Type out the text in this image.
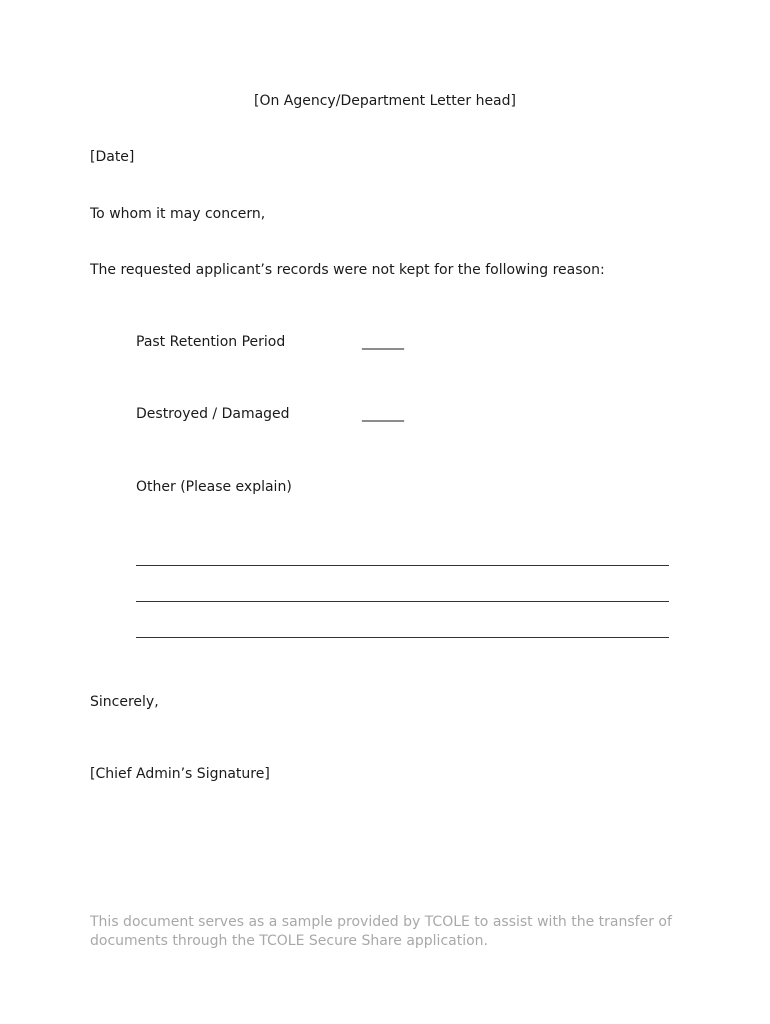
[On Agency/Department Letter head]
[Date]
To whom it may concern,
The requested applicant’s records were not kept for the following reason:
Past Retention Period	______
Destroyed / Damaged	______
Other (Please explain)
Sincerely,
[Chief Admin’s Signature]
This document serves as a sample provided by TCOLE to assist with the transfer of
documents through the TCOLE Secure Share application.
